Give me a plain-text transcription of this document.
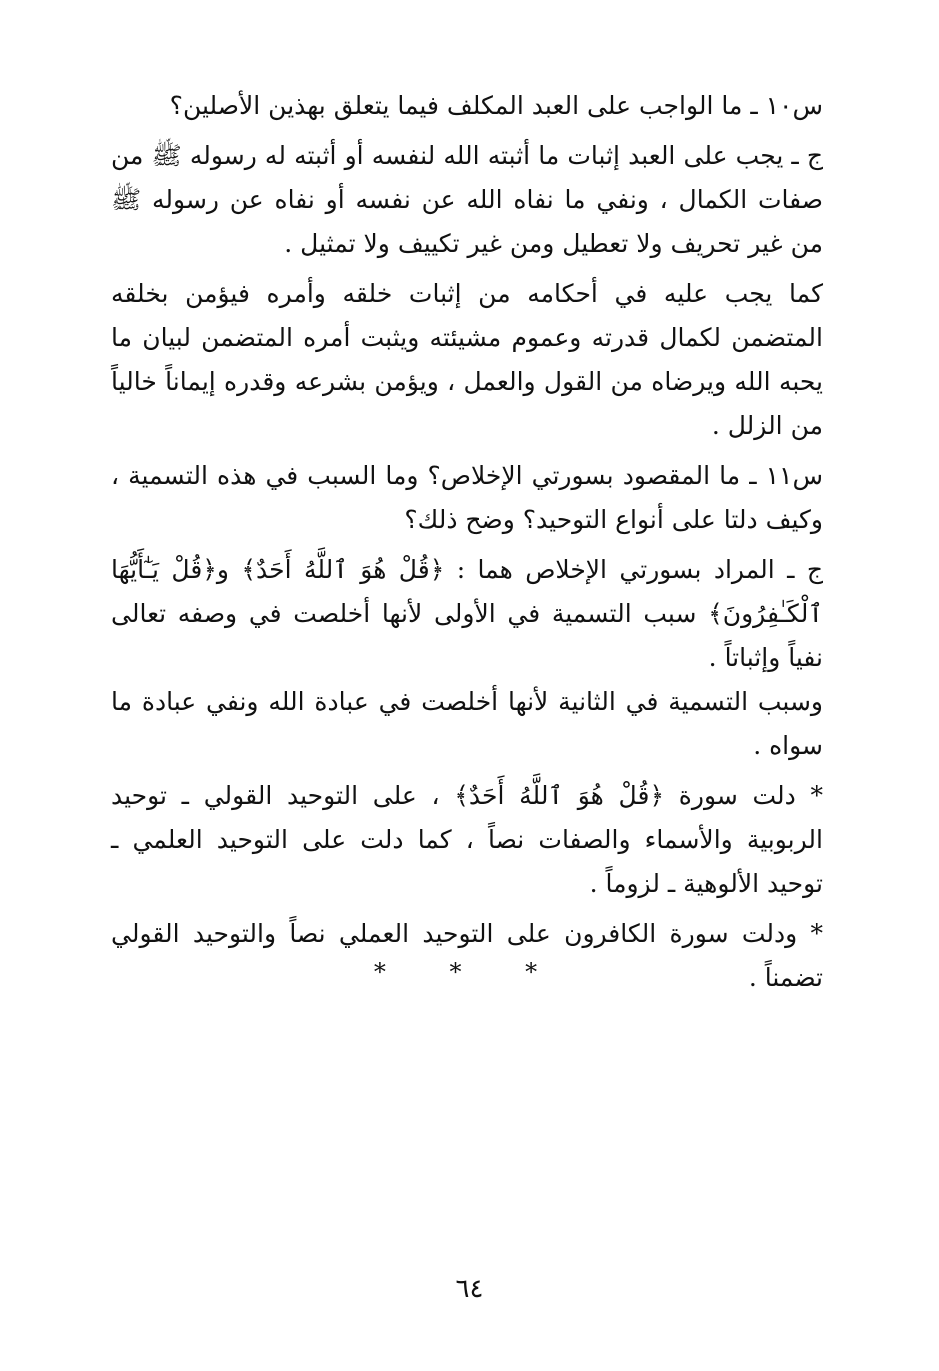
س١٠ ـ ما الواجب على العبد المكلف فيما يتعلق بهذين الأصلين؟

ج ـ يجب على العبد إثبات ما أثبته الله لنفسه أو أثبته له رسوله ﷺ من صفات الكمال ، ونفي ما نفاه الله عن نفسه أو نفاه عن رسوله ﷺ من غير تحريف ولا تعطيل ومن غير تكييف ولا تمثيل .

كما يجب عليه في أحكامه من إثبات خلقه وأمره فيؤمن بخلقه المتضمن لكمال قدرته وعموم مشيئته ويثبت أمره المتضمن لبيان ما يحبه الله ويرضاه من القول والعمل ، ويؤمن بشرعه وقدره إيماناً خالياً من الزلل .

س١١ ـ ما المقصود بسورتي الإخلاص؟ وما السبب في هذه التسمية ، وكيف دلتا على أنواع التوحيد؟ وضح ذلك؟

ج ـ المراد بسورتي الإخلاص هما : ﴿قُلْ هُوَ ٱللَّهُ أَحَدٌ﴾ و﴿قُلْ يَـٰٓأَيُّهَا ٱلْكَـٰفِرُونَ﴾ سبب التسمية في الأولى لأنها أخلصت في وصفه تعالى نفياً وإثباتاً .

وسبب التسمية في الثانية لأنها أخلصت في عبادة الله ونفي عبادة ما سواه .

* دلت سورة ﴿قُلْ هُوَ ٱللَّهُ أَحَدٌ﴾ ، على التوحيد القولي ـ توحيد الربوبية والأسماء والصفات نصاً ، كما دلت على التوحيد العلمي ـ توحيد الألوهية ـ لزوماً .

* ودلت سورة الكافرون على التوحيد العملي نصاً والتوحيد القولي تضمناً .

* * *
٦٤
